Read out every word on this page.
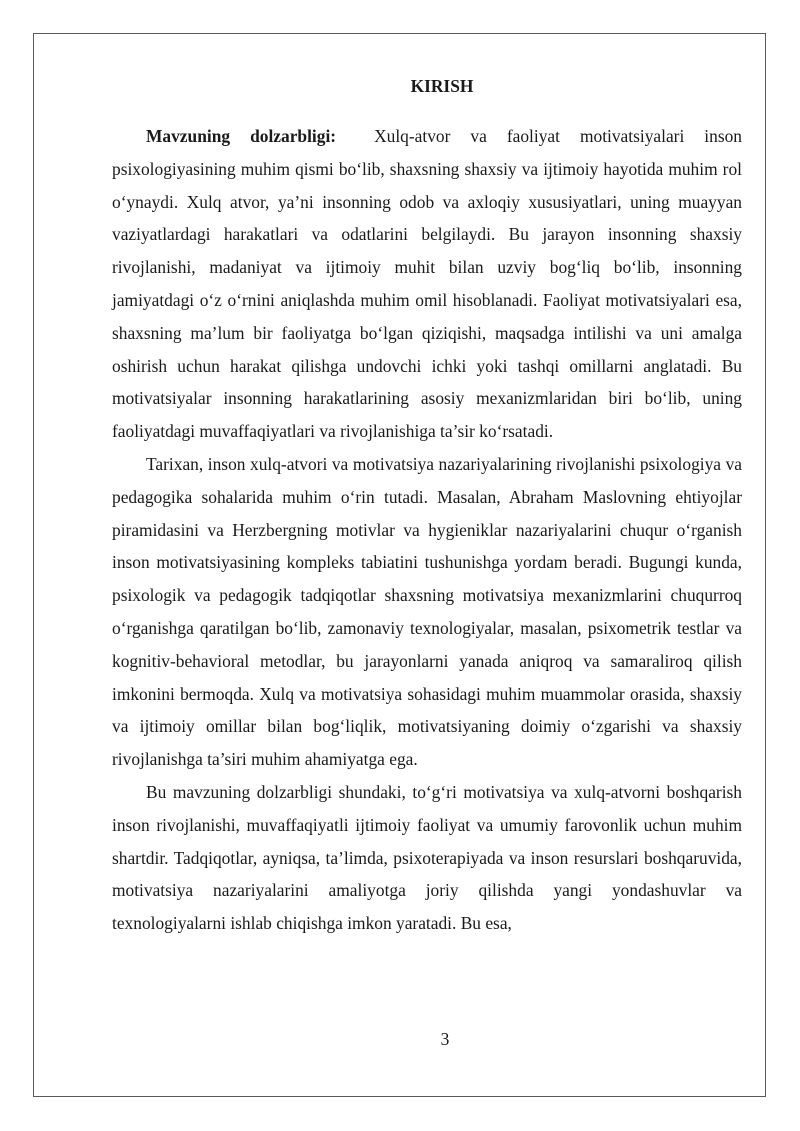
KIRISH

Mavzuning dolzarbligi: Xulq-atvor va faoliyat motivatsiyalari inson psixologiyasining muhim qismi bo‘lib, shaxsning shaxsiy va ijtimoiy hayotida muhim rol o‘ynaydi. Xulq atvor, ya’ni insonning odob va axloqiy xususiyatlari, uning muayyan vaziyatlardagi harakatlari va odatlarini belgilaydi. Bu jarayon insonning shaxsiy rivojlanishi, madaniyat va ijtimoiy muhit bilan uzviy bog‘liq bo‘lib, insonning jamiyatdagi o‘z o‘rnini aniqlashda muhim omil hisoblanadi. Faoliyat motivatsiyalari esa, shaxsning ma’lum bir faoliyatga bo‘lgan qiziqishi, maqsadga intilishi va uni amalga oshirish uchun harakat qilishga undovchi ichki yoki tashqi omillarni anglatadi. Bu motivatsiyalar insonning harakatlarining asosiy mexanizmlaridan biri bo‘lib, uning faoliyatdagi muvaffaqiyatlari va rivojlanishiga ta’sir ko‘rsatadi.

Tarixan, inson xulq-atvori va motivatsiya nazariyalarining rivojlanishi psixologiya va pedagogika sohalarida muhim o‘rin tutadi. Masalan, Abraham Maslovning ehtiyojlar piramidasini va Herzbergning motivlar va hygieniklar nazariyalarini chuqur o‘rganish inson motivatsiyasining kompleks tabiatini tushunishga yordam beradi. Bugungi kunda, psixologik va pedagogik tadqiqotlar shaxsning motivatsiya mexanizmlarini chuqurroq o‘rganishga qaratilgan bo‘lib, zamonaviy texnologiyalar, masalan, psixometrik testlar va kognitiv-behavioral metodlar, bu jarayonlarni yanada aniqroq va samaraliroq qilish imkonini bermoqda. Xulq va motivatsiya sohasidagi muhim muammolar orasida, shaxsiy va ijtimoiy omillar bilan bog‘liqlik, motivatsiyaning doimiy o‘zgarishi va shaxsiy rivojlanishga ta’siri muhim ahamiyatga ega.

Bu mavzuning dolzarbligi shundaki, to‘g‘ri motivatsiya va xulq-atvorni boshqarish inson rivojlanishi, muvaffaqiyatli ijtimoiy faoliyat va umumiy farovonlik uchun muhim shartdir. Tadqiqotlar, ayniqsa, ta’limda, psixoterapiyada va inson resurslari boshqaruvida, motivatsiya nazariyalarini amaliyotga joriy qilishda yangi yondashuvlar va texnologiyalarni ishlab chiqishga imkon yaratadi. Bu esa,

3
